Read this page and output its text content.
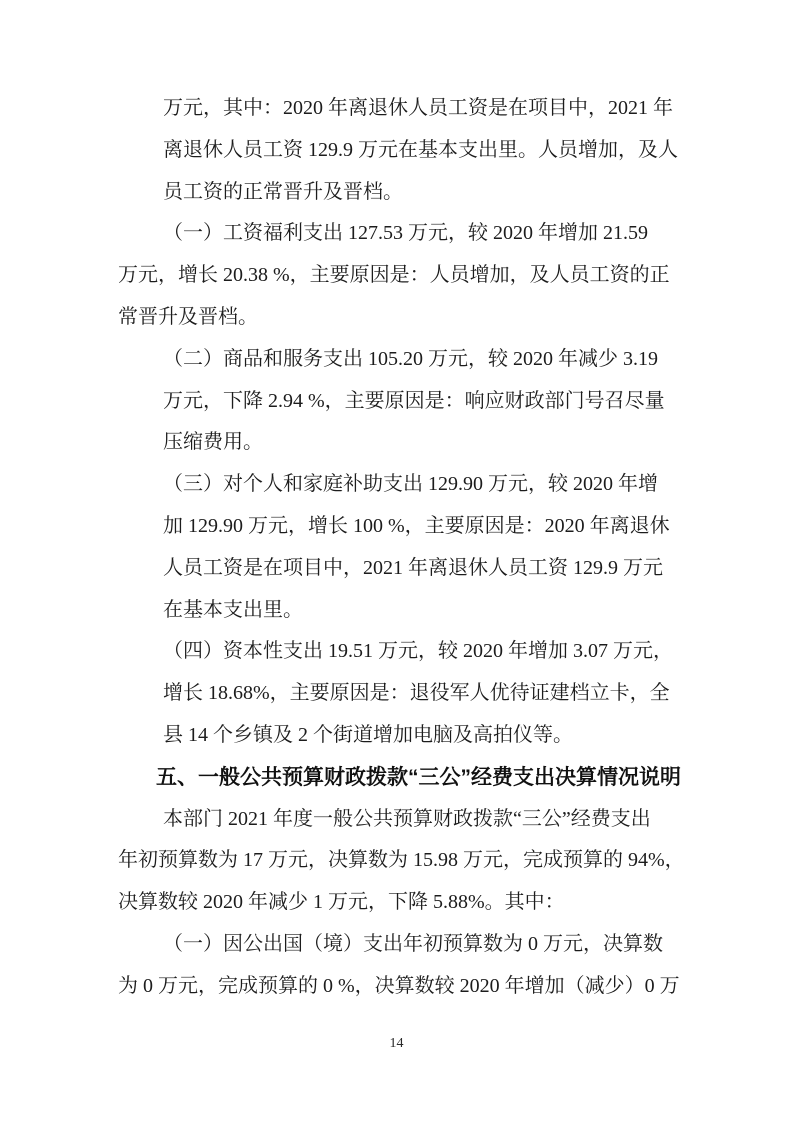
万元，其中：2020 年离退休人员工资是在项目中，2021 年
离退休人员工资 129.9 万元在基本支出里。人员增加，及人
员工资的正常晋升及晋档。
（一）工资福利支出 127.53 万元，较 2020 年增加 21.59
万元，增长 20.38 %，主要原因是：人员增加，及人员工资的正
常晋升及晋档。
（二）商品和服务支出 105.20 万元，较 2020 年减少 3.19
万元，下降 2.94 %，主要原因是：响应财政部门号召尽量
压缩费用。
（三）对个人和家庭补助支出 129.90 万元，较 2020 年增
加 129.90 万元，增长 100 %，主要原因是：2020 年离退休
人员工资是在项目中，2021 年离退休人员工资 129.9 万元
在基本支出里。
（四）资本性支出 19.51 万元，较 2020 年增加 3.07 万元，
增长 18.68%，主要原因是：退役军人优待证建档立卡，全
县 14 个乡镇及 2 个街道增加电脑及高拍仪等。
五、一般公共预算财政拨款“三公”经费支出决算情况说明
本部门 2021 年度一般公共预算财政拨款“三公”经费支出
年初预算数为 17 万元，决算数为 15.98 万元，完成预算的 94%，
决算数较 2020 年减少 1 万元，下降 5.88%。其中：
（一）因公出国（境）支出年初预算数为 0 万元，决算数
为 0 万元，完成预算的 0 %，决算数较 2020 年增加（减少）0 万
14
